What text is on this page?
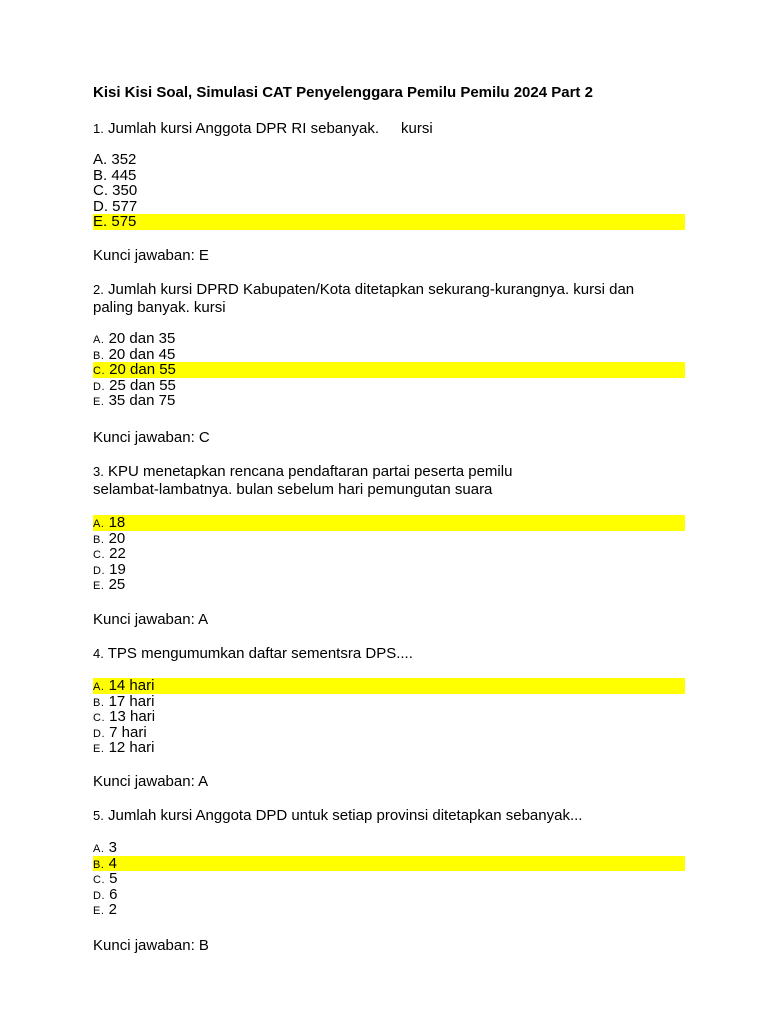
Kisi Kisi Soal, Simulasi CAT Penyelenggara Pemilu Pemilu 2024 Part 2
1. Jumlah kursi Anggota DPR RI sebanyak. kursi
A. 352
B. 445
C. 350
D. 577
E. 575
Kunci jawaban: E
2. Jumlah kursi DPRD Kabupaten/Kota ditetapkan sekurang-kurangnya. kursi dan
paling banyak. kursi
A. 20 dan 35
B. 20 dan 45
C. 20 dan 55
D. 25 dan 55
E. 35 dan 75
Kunci jawaban: C
3. KPU menetapkan rencana pendaftaran partai peserta pemilu
selambat-lambatnya. bulan sebelum hari pemungutan suara
A. 18
B. 20
C. 22
D. 19
E. 25
Kunci jawaban: A
4. TPS mengumumkan daftar sementsra DPS....
A. 14 hari
B. 17 hari
C. 13 hari
D. 7 hari
E. 12 hari
Kunci jawaban: A
5. Jumlah kursi Anggota DPD untuk setiap provinsi ditetapkan sebanyak...
A. 3
B. 4
C. 5
D. 6
E. 2
Kunci jawaban: B
